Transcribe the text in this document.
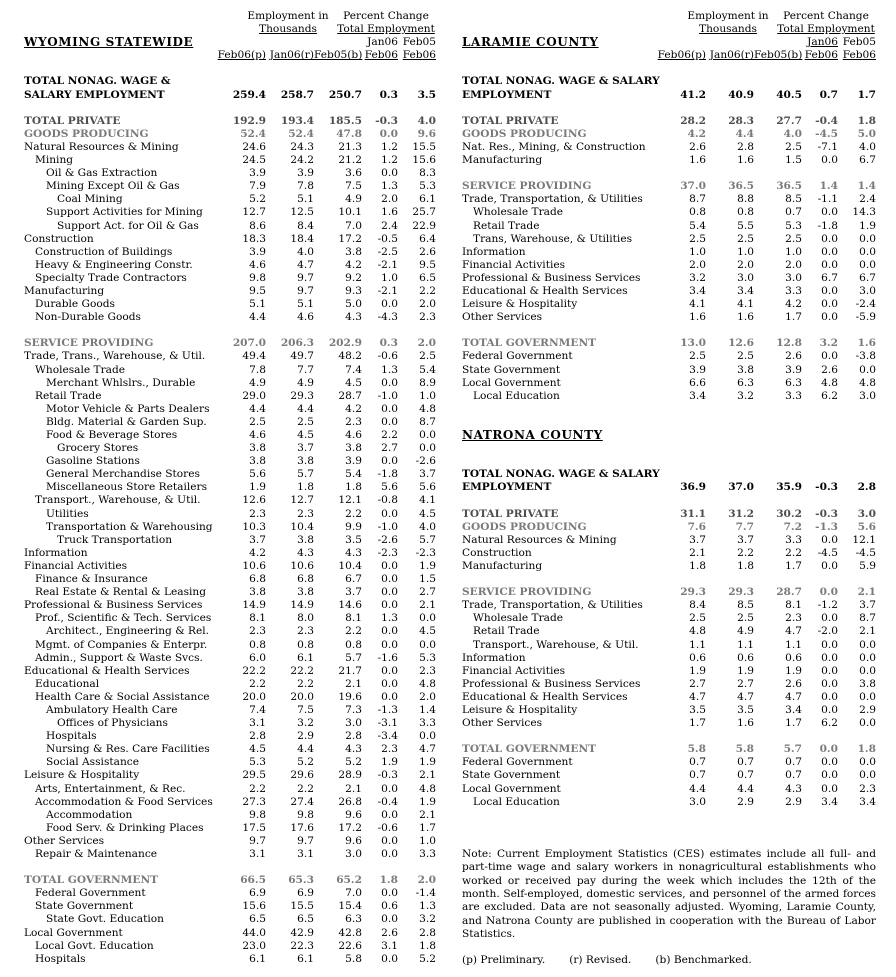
Employment in	Percent Change
Thousands	Total Employment
WYOMING STATEWIDE	Jan06 Feb05
Feb06(p) Jan06(r) Feb05(b) Feb06 Feb06
TOTAL NONAG. WAGE &
SALARY EMPLOYMENT	259.4	258.7	250.7	0.3	3.5
TOTAL PRIVATE	192.9	193.4	185.5	-0.3	4.0
GOODS PRODUCING	52.4	52.4	47.8	0.0	9.6
Natural Resources & Mining	24.6	24.3	21.3	1.2	15.5
Mining	24.5	24.2	21.2	1.2	15.6
Oil & Gas Extraction	3.9	3.9	3.6	0.0	8.3
Mining Except Oil & Gas	7.9	7.8	7.5	1.3	5.3
Coal Mining	5.2	5.1	4.9	2.0	6.1
Support Activities for Mining	12.7	12.5	10.1	1.6	25.7
Support Act. for Oil & Gas	8.6	8.4	7.0	2.4	22.9
Construction	18.3	18.4	17.2	-0.5	6.4
Construction of Buildings	3.9	4.0	3.8	-2.5	2.6
Heavy & Engineering Constr.	4.6	4.7	4.2	-2.1	9.5
Specialty Trade Contractors	9.8	9.7	9.2	1.0	6.5
Manufacturing	9.5	9.7	9.3	-2.1	2.2
Durable Goods	5.1	5.1	5.0	0.0	2.0
Non-Durable Goods	4.4	4.6	4.3	-4.3	2.3
SERVICE PROVIDING	207.0	206.3	202.9	0.3	2.0
Trade, Trans., Warehouse, & Util.	49.4	49.7	48.2	-0.6	2.5
Wholesale Trade	7.8	7.7	7.4	1.3	5.4
Merchant Whlslrs., Durable	4.9	4.9	4.5	0.0	8.9
Retail Trade	29.0	29.3	28.7	-1.0	1.0
Motor Vehicle & Parts Dealers	4.4	4.4	4.2	0.0	4.8
Bldg. Material & Garden Sup.	2.5	2.5	2.3	0.0	8.7
Food & Beverage Stores	4.6	4.5	4.6	2.2	0.0
Grocery Stores	3.8	3.7	3.8	2.7	0.0
Gasoline Stations	3.8	3.8	3.9	0.0	-2.6
General Merchandise Stores	5.6	5.7	5.4	-1.8	3.7
Miscellaneous Store Retailers	1.9	1.8	1.8	5.6	5.6
Transport., Warehouse, & Util.	12.6	12.7	12.1	-0.8	4.1
Utilities	2.3	2.3	2.2	0.0	4.5
Transportation & Warehousing	10.3	10.4	9.9	-1.0	4.0
Truck Transportation	3.7	3.8	3.5	-2.6	5.7
Information	4.2	4.3	4.3	-2.3	-2.3
Financial Activities	10.6	10.6	10.4	0.0	1.9
Finance & Insurance	6.8	6.8	6.7	0.0	1.5
Real Estate & Rental & Leasing	3.8	3.8	3.7	0.0	2.7
Professional & Business Services	14.9	14.9	14.6	0.0	2.1
Prof., Scientific & Tech. Services	8.1	8.0	8.1	1.3	0.0
Architect., Engineering & Rel.	2.3	2.3	2.2	0.0	4.5
Mgmt. of Companies & Enterpr.	0.8	0.8	0.8	0.0	0.0
Admin., Support & Waste Svcs.	6.0	6.1	5.7	-1.6	5.3
Educational & Health Services	22.2	22.2	21.7	0.0	2.3
Educational	2.2	2.2	2.1	0.0	4.8
Health Care & Social Assistance	20.0	20.0	19.6	0.0	2.0
Ambulatory Health Care	7.4	7.5	7.3	-1.3	1.4
Offices of Physicians	3.1	3.2	3.0	-3.1	3.3
Hospitals	2.8	2.9	2.8	-3.4	0.0
Nursing & Res. Care Facilities	4.5	4.4	4.3	2.3	4.7
Social Assistance	5.3	5.2	5.2	1.9	1.9
Leisure & Hospitality	29.5	29.6	28.9	-0.3	2.1
Arts, Entertainment, & Rec.	2.2	2.2	2.1	0.0	4.8
Accommodation & Food Services	27.3	27.4	26.8	-0.4	1.9
Accommodation	9.8	9.8	9.6	0.0	2.1
Food Serv. & Drinking Places	17.5	17.6	17.2	-0.6	1.7
Other Services	9.7	9.7	9.6	0.0	1.0
Repair & Maintenance	3.1	3.1	3.0	0.0	3.3
TOTAL GOVERNMENT	66.5	65.3	65.2	1.8	2.0
Federal Government	6.9	6.9	7.0	0.0	-1.4
State Government	15.6	15.5	15.4	0.6	1.3
State Govt. Education	6.5	6.5	6.3	0.0	3.2
Local Government	44.0	42.9	42.8	2.6	2.8
Local Govt. Education	23.0	22.3	22.6	3.1	1.8
Hospitals	6.1	6.1	5.8	0.0	5.2
Employment in	Percent Change
Thousands	Total Employment
LARAMIE COUNTY	Jan06 Feb05
Feb06(p) Jan06(r) Feb05(b) Feb06 Feb06
TOTAL NONAG. WAGE & SALARY
EMPLOYMENT	41.2	40.9	40.5	0.7	1.7
TOTAL PRIVATE	28.2	28.3	27.7	-0.4	1.8
GOODS PRODUCING	4.2	4.4	4.0	-4.5	5.0
Nat. Res., Mining, & Construction	2.6	2.8	2.5	-7.1	4.0
Manufacturing	1.6	1.6	1.5	0.0	6.7
SERVICE PROVIDING	37.0	36.5	36.5	1.4	1.4
Trade, Transportation, & Utilities	8.7	8.8	8.5	-1.1	2.4
Wholesale Trade	0.8	0.8	0.7	0.0	14.3
Retail Trade	5.4	5.5	5.3	-1.8	1.9
Trans, Warehouse, & Utilities	2.5	2.5	2.5	0.0	0.0
Information	1.0	1.0	1.0	0.0	0.0
Financial Activities	2.0	2.0	2.0	0.0	0.0
Professional & Business Services	3.2	3.0	3.0	6.7	6.7
Educational & Health Services	3.4	3.4	3.3	0.0	3.0
Leisure & Hospitality	4.1	4.1	4.2	0.0	-2.4
Other Services	1.6	1.6	1.7	0.0	-5.9
TOTAL GOVERNMENT	13.0	12.6	12.8	3.2	1.6
Federal Government	2.5	2.5	2.6	0.0	-3.8
State Government	3.9	3.8	3.9	2.6	0.0
Local Government	6.6	6.3	6.3	4.8	4.8
Local Education	3.4	3.2	3.3	6.2	3.0
NATRONA COUNTY
TOTAL NONAG. WAGE & SALARY
EMPLOYMENT	36.9	37.0	35.9	-0.3	2.8
TOTAL PRIVATE	31.1	31.2	30.2	-0.3	3.0
GOODS PRODUCING	7.6	7.7	7.2	-1.3	5.6
Natural Resources & Mining	3.7	3.7	3.3	0.0	12.1
Construction	2.1	2.2	2.2	-4.5	-4.5
Manufacturing	1.8	1.8	1.7	0.0	5.9
SERVICE PROVIDING	29.3	29.3	28.7	0.0	2.1
Trade, Transportation, & Utilities	8.4	8.5	8.1	-1.2	3.7
Wholesale Trade	2.5	2.5	2.3	0.0	8.7
Retail Trade	4.8	4.9	4.7	-2.0	2.1
Transport., Warehouse, & Util.	1.1	1.1	1.1	0.0	0.0
Information	0.6	0.6	0.6	0.0	0.0
Financial Activities	1.9	1.9	1.9	0.0	0.0
Professional & Business Services	2.7	2.7	2.6	0.0	3.8
Educational & Health Services	4.7	4.7	4.7	0.0	0.0
Leisure & Hospitality	3.5	3.5	3.4	0.0	2.9
Other Services	1.7	1.6	1.7	6.2	0.0
TOTAL GOVERNMENT	5.8	5.8	5.7	0.0	1.8
Federal Government	0.7	0.7	0.7	0.0	0.0
State Government	0.7	0.7	0.7	0.0	0.0
Local Government	4.4	4.4	4.3	0.0	2.3
Local Education	3.0	2.9	2.9	3.4	3.4
Note: Current Employment Statistics (CES) estimates include all full- and part-time wage and salary workers in nonagricultural establishments who worked or received pay during the week which includes the 12th of the month. Self-employed, domestic services, and personnel of the armed forces are excluded. Data are not seasonally adjusted. Wyoming, Laramie County, and Natrona County are published in cooperation with the Bureau of Labor Statistics.
(p) Preliminary. (r) Revised. (b) Benchmarked.
